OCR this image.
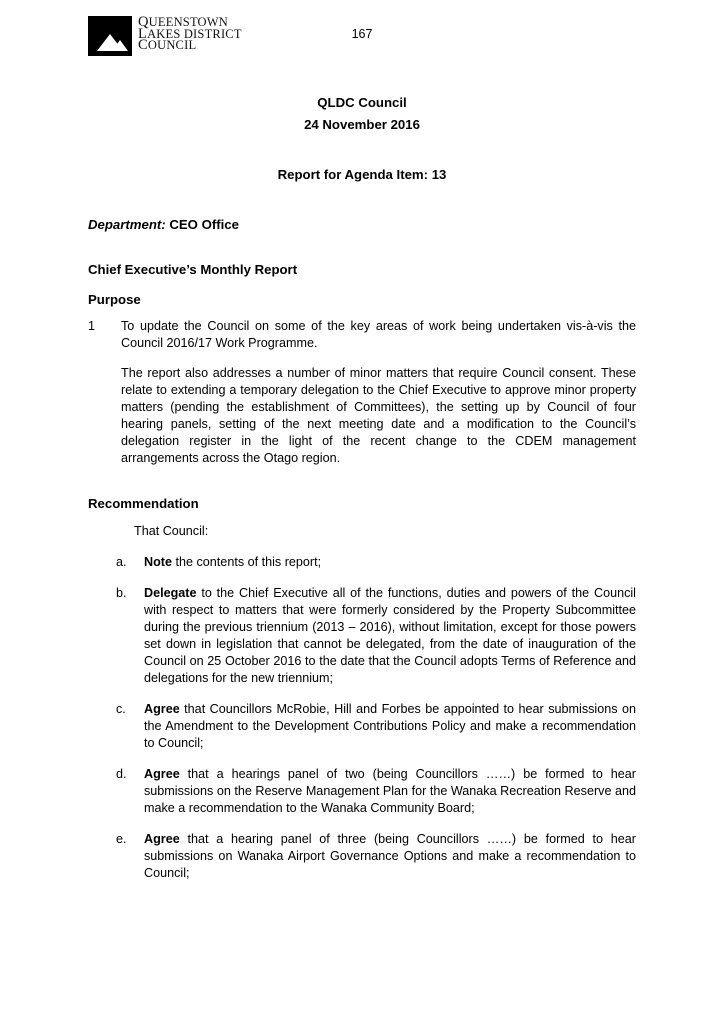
QUEENSTOWN
LAKES DISTRICT
COUNCIL
167
QLDC Council
24 November 2016
Report for Agenda Item: 13
Department: CEO Office
Chief Executive’s Monthly Report
Purpose
1	To update the Council on some of the key areas of work being undertaken vis-à-vis the Council 2016/17 Work Programme.
The report also addresses a number of minor matters that require Council consent. These relate to extending a temporary delegation to the Chief Executive to approve minor property matters (pending the establishment of Committees), the setting up by Council of four hearing panels, setting of the next meeting date and a modification to the Council’s delegation register in the light of the recent change to the CDEM management arrangements across the Otago region.
Recommendation
That Council:
a.	Note the contents of this report;
b.	Delegate to the Chief Executive all of the functions, duties and powers of the Council with respect to matters that were formerly considered by the Property Subcommittee during the previous triennium (2013 – 2016), without limitation, except for those powers set down in legislation that cannot be delegated, from the date of inauguration of the Council on 25 October 2016 to the date that the Council adopts Terms of Reference and delegations for the new triennium;
c.	Agree that Councillors McRobie, Hill and Forbes be appointed to hear submissions on the Amendment to the Development Contributions Policy and make a recommendation to Council;
d.	Agree that a hearings panel of two (being Councillors ……) be formed to hear submissions on the Reserve Management Plan for the Wanaka Recreation Reserve and make a recommendation to the Wanaka Community Board;
e.	Agree that a hearing panel of three (being Councillors ……) be formed to hear submissions on Wanaka Airport Governance Options and make a recommendation to Council;
